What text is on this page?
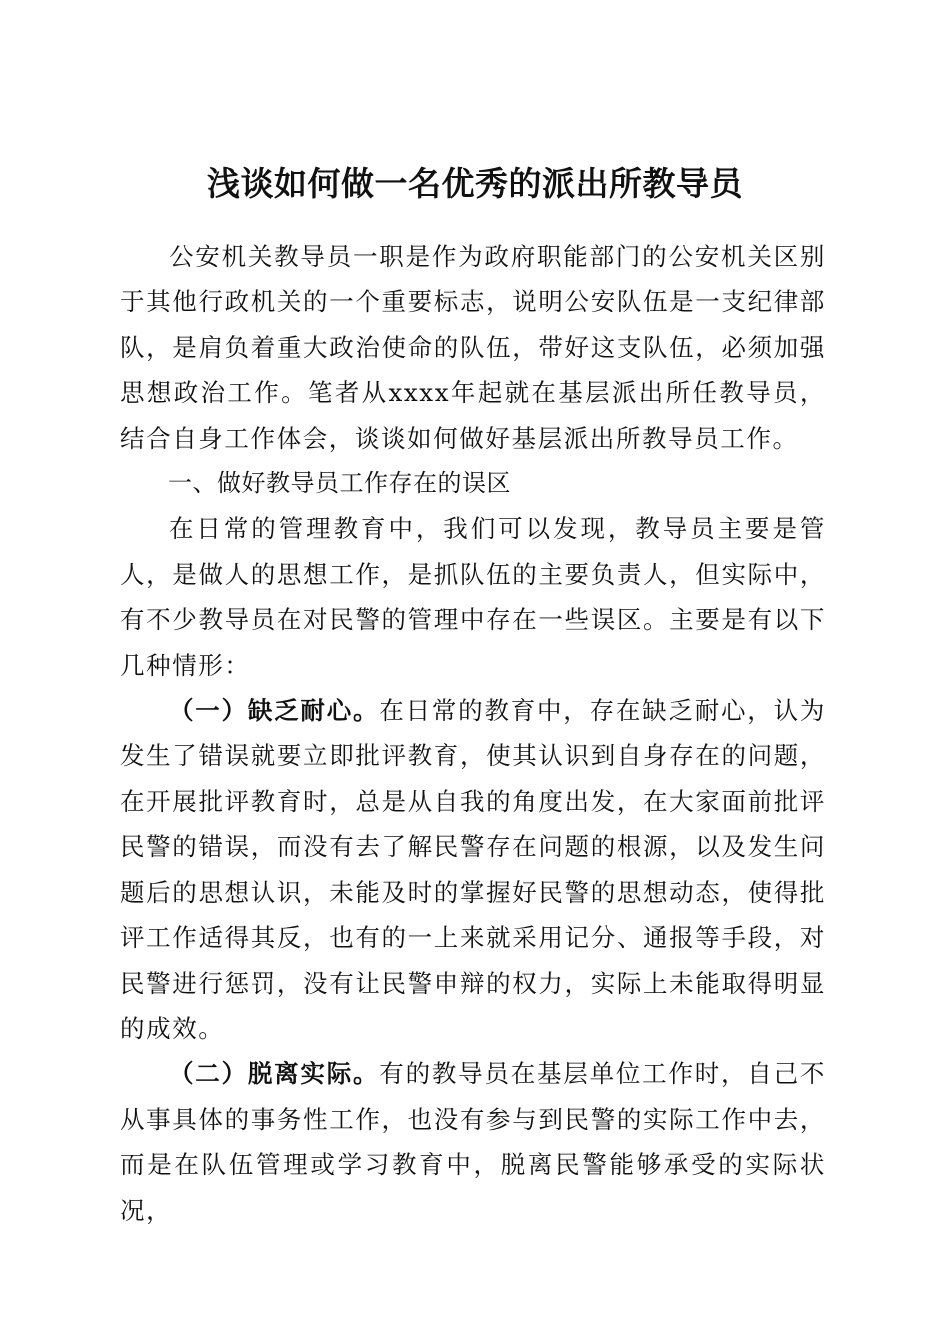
浅谈如何做一名优秀的派出所教导员

公安机关教导员一职是作为政府职能部门的公安机关区别于其他行政机关的一个重要标志，说明公安队伍是一支纪律部队，是肩负着重大政治使命的队伍，带好这支队伍，必须加强思想政治工作。笔者从xxxx年起就在基层派出所任教导员，结合自身工作体会，谈谈如何做好基层派出所教导员工作。

一、做好教导员工作存在的误区

在日常的管理教育中，我们可以发现，教导员主要是管人，是做人的思想工作，是抓队伍的主要负责人，但实际中，有不少教导员在对民警的管理中存在一些误区。主要是有以下几种情形：

（一）缺乏耐心。在日常的教育中，存在缺乏耐心，认为发生了错误就要立即批评教育，使其认识到自身存在的问题，在开展批评教育时，总是从自我的角度出发，在大家面前批评民警的错误，而没有去了解民警存在问题的根源，以及发生问题后的思想认识，未能及时的掌握好民警的思想动态，使得批评工作适得其反，也有的一上来就采用记分、通报等手段，对民警进行惩罚，没有让民警申辩的权力，实际上未能取得明显的成效。

（二）脱离实际。有的教导员在基层单位工作时，自己不从事具体的事务性工作，也没有参与到民警的实际工作中去，而是在队伍管理或学习教育中，脱离民警能够承受的实际状况，
